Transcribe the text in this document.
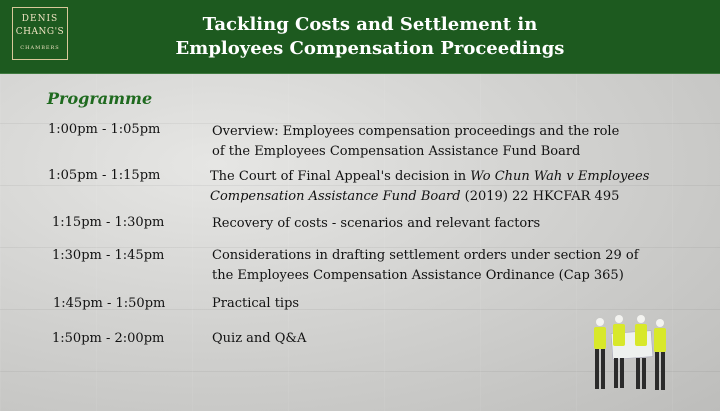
DENIS
CHANG'S
CHAMBERS
Tackling Costs and Settlement in
Employees Compensation Proceedings
Programme
1:00pm - 1:05pm	Overview: Employees compensation proceedings and the role
of the Employees Compensation Assistance Fund Board
1:05pm - 1:15pm	The Court of Final Appeal's decision in Wo Chun Wah v Employees
Compensation Assistance Fund Board (2019) 22 HKCFAR 495
1:15pm - 1:30pm	Recovery of costs - scenarios and relevant factors
1:30pm - 1:45pm	Considerations in drafting settlement orders under section 29 of
the Employees Compensation Assistance Ordinance (Cap 365)
1:45pm - 1:50pm	Practical tips
1:50pm - 2:00pm	Quiz and Q&A
